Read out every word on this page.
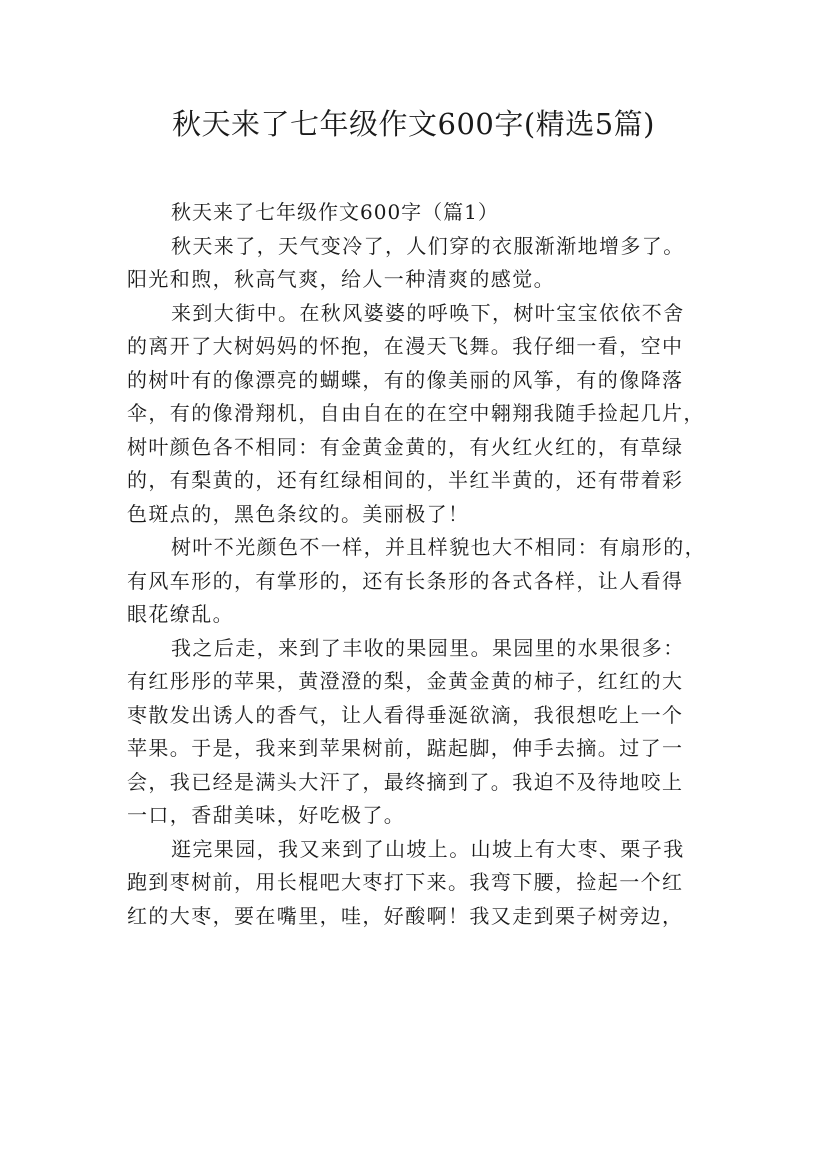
秋天来了七年级作文600字(精选5篇)
秋天来了七年级作文600字（篇1）
秋天来了，天气变冷了，人们穿的衣服渐渐地增多了。
阳光和煦，秋高气爽，给人一种清爽的感觉。
来到大街中。在秋风婆婆的呼唤下，树叶宝宝依依不舍
的离开了大树妈妈的怀抱，在漫天飞舞。我仔细一看，空中
的树叶有的像漂亮的蝴蝶，有的像美丽的风筝，有的像降落
伞，有的像滑翔机，自由自在的在空中翱翔我随手捡起几片，
树叶颜色各不相同：有金黄金黄的，有火红火红的，有草绿
的，有梨黄的，还有红绿相间的，半红半黄的，还有带着彩
色斑点的，黑色条纹的。美丽极了！
树叶不光颜色不一样，并且样貌也大不相同：有扇形的，
有风车形的，有掌形的，还有长条形的各式各样，让人看得
眼花缭乱。
我之后走，来到了丰收的果园里。果园里的水果很多：
有红彤彤的苹果，黄澄澄的梨，金黄金黄的柿子，红红的大
枣散发出诱人的香气，让人看得垂涎欲滴，我很想吃上一个
苹果。于是，我来到苹果树前，踮起脚，伸手去摘。过了一
会，我已经是满头大汗了，最终摘到了。我迫不及待地咬上
一口，香甜美味，好吃极了。
逛完果园，我又来到了山坡上。山坡上有大枣、栗子我
跑到枣树前，用长棍吧大枣打下来。我弯下腰，捡起一个红
红的大枣，要在嘴里，哇，好酸啊！我又走到栗子树旁边，
